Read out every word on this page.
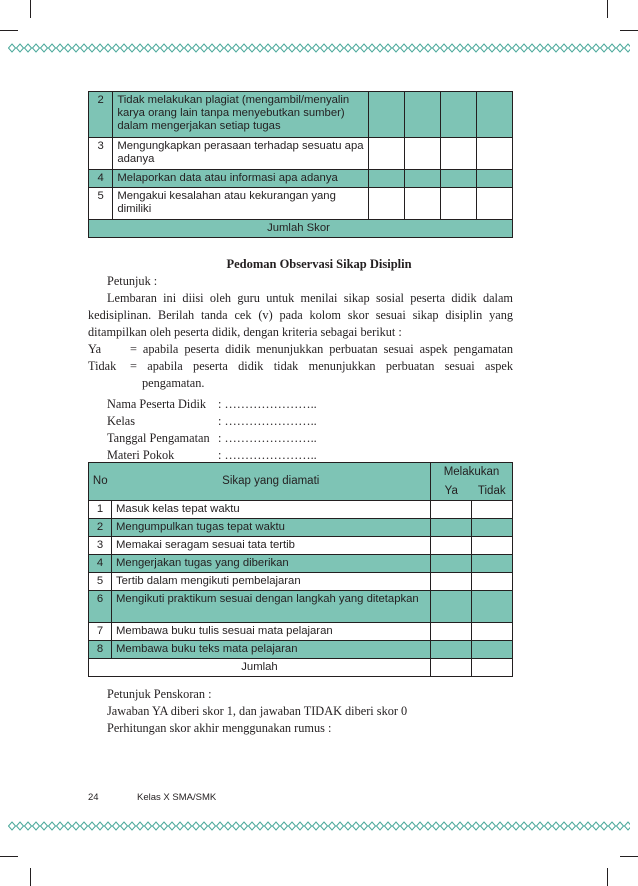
2	Tidak melakukan plagiat (mengambil/menyalin karya orang lain tanpa menyebutkan sumber) dalam mengerjakan setiap tugas				
3	Mengungkapkan perasaan terhadap sesuatu apa adanya				
4	Melaporkan data atau informasi apa adanya				
5	Mengakui kesalahan atau kekurangan yang dimiliki				
Jumlah Skor					
Pedoman Observasi Sikap Disiplin
Petunjuk :
Lembaran ini diisi oleh guru untuk menilai sikap sosial peserta didik dalam
kedisiplinan. Berilah tanda cek (v) pada kolom skor sesuai sikap disiplin yang
ditampilkan oleh peserta didik, dengan kriteria sebagai berikut :
Ya = apabila peserta didik menunjukkan perbuatan sesuai aspek pengamatan
Tidak = apabila peserta didik tidak menunjukkan perbuatan sesuai aspek
pengamatan.
Nama Peserta Didik : …………………..
Kelas	: …………………..
Tanggal Pengamatan : …………………..
Materi Pokok	: …………………..
No	Sikap yang diamati	Melakukan	
		Ya	Tidak
1	Masuk kelas tepat waktu		
2	Mengumpulkan tugas tepat waktu		
3	Memakai seragam sesuai tata tertib		
4	Mengerjakan tugas yang diberikan		
5	Tertib dalam mengikuti pembelajaran		
6	Mengikuti praktikum sesuai dengan langkah yang ditetapkan		
7	Membawa buku tulis sesuai mata pelajaran		
8	Membawa buku teks mata pelajaran		
Jumlah			
Petunjuk Penskoran :
Jawaban YA diberi skor 1, dan jawaban TIDAK diberi skor 0
Perhitungan skor akhir menggunakan rumus :
24	Kelas X SMA/SMK
